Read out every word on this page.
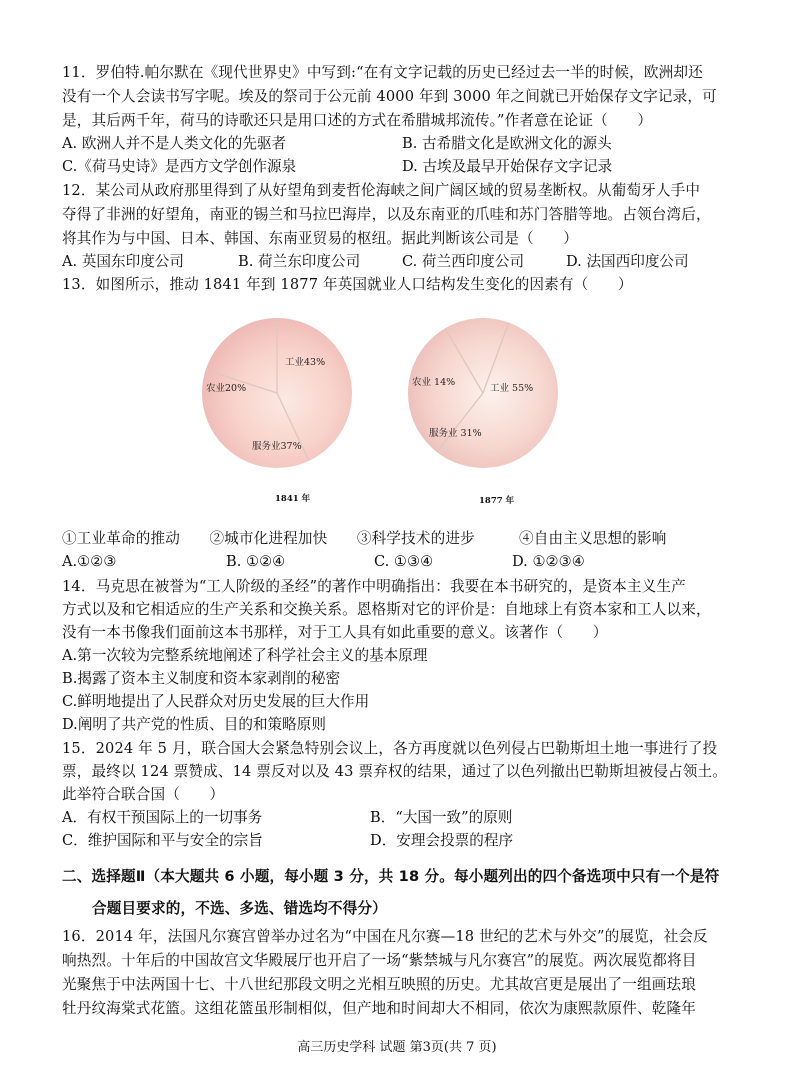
11．罗伯特.帕尔默在《现代世界史》中写到:“在有文字记载的历史已经过去一半的时候，欧洲却还
没有一个人会读书写字呢。埃及的祭司于公元前 4000 年到 3000 年之间就已开始保存文字记录，可
是，其后两千年，荷马的诗歌还只是用口述的方式在希腊城邦流传。”作者意在论证（　　）
A. 欧洲人并不是人类文化的先驱者	B. 古希腊文化是欧洲文化的源头
C.《荷马史诗》是西方文学创作源泉	D. 古埃及最早开始保存文字记录
12．某公司从政府那里得到了从好望角到麦哲伦海峡之间广阔区域的贸易垄断权。从葡萄牙人手中
夺得了非洲的好望角，南亚的锡兰和马拉巴海岸，以及东南亚的爪哇和苏门答腊等地。占领台湾后，
将其作为与中国、日本、韩国、东南亚贸易的枢纽。据此判断该公司是（　　）
A. 英国东印度公司	B. 荷兰东印度公司	C. 荷兰西印度公司	D. 法国西印度公司
13．如图所示，推动 1841 年到 1877 年英国就业人口结构发生变化的因素有（　　）
工业43%
农业20%
服务业37%
工业 55%
农业 14%
服务业 31%
1841 年	1877 年
①工业革命的推动　　②城市化进程加快　　③科学技术的进步　　　④自由主义思想的影响
A.①②③	B. ①②④	C. ①③④	D. ①②③④
14．马克思在被誉为“工人阶级的圣经”的著作中明确指出：我要在本书研究的，是资本主义生产
方式以及和它相适应的生产关系和交换关系。恩格斯对它的评价是：自地球上有资本家和工人以来，
没有一本书像我们面前这本书那样，对于工人具有如此重要的意义。该著作（　　）
A.第一次较为完整系统地阐述了科学社会主义的基本原理
B.揭露了资本主义制度和资本家剥削的秘密
C.鲜明地提出了人民群众对历史发展的巨大作用
D.阐明了共产党的性质、目的和策略原则
15．2024 年 5 月，联合国大会紧急特别会议上，各方再度就以色列侵占巴勒斯坦土地一事进行了投
票，最终以 124 票赞成、14 票反对以及 43 票弃权的结果，通过了以色列撤出巴勒斯坦被侵占领土。
此举符合联合国（　　）
A．有权干预国际上的一切事务	B．“大国一致”的原则
C．维护国际和平与安全的宗旨	D．安理会投票的程序
二、选择题Ⅱ（本大题共 6 小题，每小题 3 分，共 18 分。每小题列出的四个备选项中只有一个是符
合题目要求的，不选、多选、错选均不得分）
16．2014 年，法国凡尔赛宫曾举办过名为“中国在凡尔赛—18 世纪的艺术与外交”的展览，社会反
响热烈。十年后的中国故宫文华殿展厅也开启了一场“紫禁城与凡尔赛宫”的展览。两次展览都将目
光聚焦于中法两国十七、十八世纪那段文明之光相互映照的历史。尤其故宫更是展出了一组画珐琅
牡丹纹海棠式花篮。这组花篮虽形制相似，但产地和时间却大不相同，依次为康熙款原件、乾隆年
高三历史学科 试题 第3页(共 7 页)
